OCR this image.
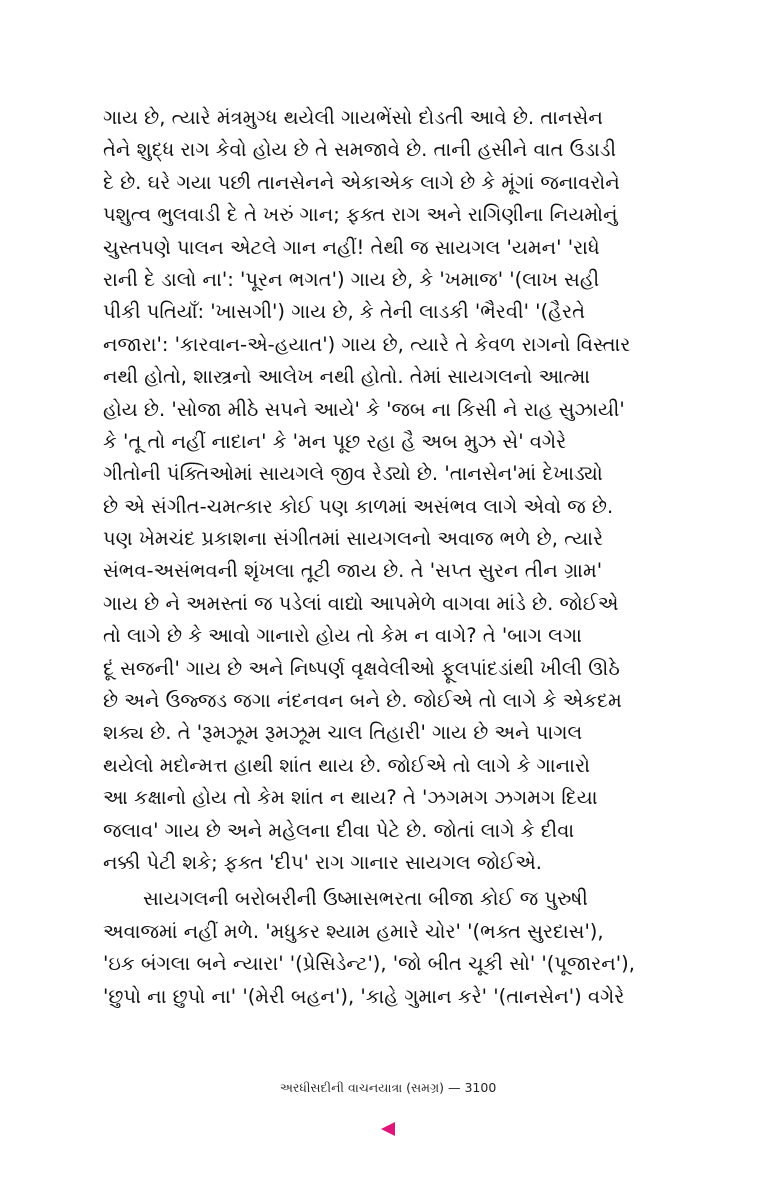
ગાય છે, ત્યારે મંત્રમુગ્ધ થયેલી ગાયભેંસો દોડતી આવે છે. તાનસેન
તેને શુદ્ધ રાગ કેવો હોય છે તે સમજાવે છે. તાની હસીને વાત ઉડાડી
દે છે. ઘરે ગયા પછી તાનસેનને એકાએક લાગે છે કે મૂંગાં જનાવરોને
પશુત્વ ભુલવાડી દે તે ખરું ગાન; ફક્ત રાગ અને રાગિણીના નિયમોનું
ચુસ્તપણે પાલન એટલે ગાન નહીં! તેથી જ સાયગલ 'યમન' 'રાધે
રાની દે ડાલો ના': 'પૂરન ભગત') ગાય છે, કે 'ખમાજ' '(લાખ સહી
પીકી પતિયાઁ: 'ખાસગી') ગાય છે, કે તેની લાડકી 'ભૈરવી' '(હૈરતે
નજારા': 'કારવાન-એ-હયાત') ગાય છે, ત્યારે તે કેવળ રાગનો વિસ્તાર
નથી હોતો, શાસ્ત્રનો આલેખ નથી હોતો. તેમાં સાયગલનો આત્મા
હોય છે. 'સોજા મીઠે સપને આયે' કે 'જબ ના કિસી ને રાહ સુઝાયી'
કે 'તૂ તો નહીં નાદાન' કે 'મન પૂછ રહા હૈ અબ મુઝ સે' વગેરે
ગીતોની પંક્તિઓમાં સાયગલે જીવ રેડ્યો છે. 'તાનસેન'માં દેખાડ્યો
છે એ સંગીત-ચમત્કાર કોઈ પણ કાળમાં અસંભવ લાગે એવો જ છે.
પણ ખેમચંદ પ્રકાશના સંગીતમાં સાયગલનો અવાજ ભળે છે, ત્યારે
સંભવ-અસંભવની શૃંખલા તૂટી જાય છે. તે 'સપ્ત સુરન તીન ગ્રામ'
ગાય છે ને અમસ્તાં જ પડેલાં વાદ્યો આપમેળે વાગવા માંડે છે. જોઈએ
તો લાગે છે કે આવો ગાનારો હોય તો કેમ ન વાગે? તે 'બાગ લગા
દૂં સજની' ગાય છે અને નિષ્પર્ણ વૃક્ષવેલીઓ ફૂલપાંદડાંથી ખીલી ઊઠે
છે અને ઉજ્જડ જગા નંદનવન બને છે. જોઈએ તો લાગે કે એકદમ
શક્ય છે. તે 'રૂમઝૂમ રૂમઝૂમ ચાલ તિહારી' ગાય છે અને પાગલ
થયેલો મદોન્મત્ત હાથી શાંત થાય છે. જોઈએ તો લાગે કે ગાનારો
આ કક્ષાનો હોય તો કેમ શાંત ન થાય? તે 'ઝગમગ ઝગમગ દિયા
જલાવ' ગાય છે અને મહેલના દીવા પેટે છે. જોતાં લાગે કે દીવા
નક્કી પેટી શકે; ફક્ત 'દીપ' રાગ ગાનાર સાયગલ જોઈએ.
સાયગલની બરોબરીની ઉષ્માસભરતા બીજા કોઈ જ પુરુષી
અવાજમાં નહીં મળે. 'મધુકર શ્યામ હમારે ચોર' '(ભક્ત સુરદાસ'),
'ઇક બંગલા બને ન્યારા' '(પ્રેસિડેન્ટ'), 'જો બીત ચૂકી સો' '(પૂજારન'),
'છુપો ના છુપો ના' '(મેરી બહન'), 'કાહે ગુમાન કરે' '(તાનસેન') વગેરે
અરધીસદીની વાચનયાત્રા (સમગ્ર) — 3100
